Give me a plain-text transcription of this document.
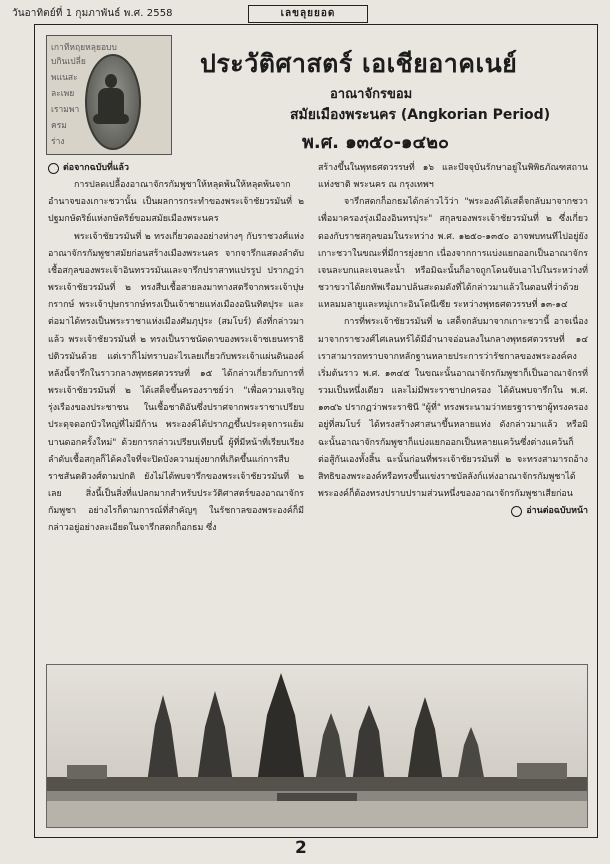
วันอาทิตย์ที่ 1 กุมภาพันธ์ พ.ศ. 2558	เลขลุยยอด
เกาทีหฤยหลุยอบบ
บกินเปลี่ย
พแนสะ
ละเพย
เรามพา
ครม
ร่าง
ประวัติศาสตร์ เอเชียอาคเนย์
อาณาจักรขอม
สมัยเมืองพระนคร (Angkorian Period)
พ.ศ. ๑๓๕๐-๑๔๒๐
ต่อจากฉบับที่แล้ว

การปลดเปลื้องอาณาจักรกัมพูชาให้หลุดพ้นให้หลุดพ้นจากอำนาจของเกาะชวานั้น เป็นผลการกระทำของพระเจ้าชัยวรมันที่ ๒ ปฐมกษัตริย์แห่งกษัตริย์ขอมสมัยเมืองพระนคร

พระเจ้าชัยวรมันที่ ๒ ทรงเกี่ยวดองอย่างห่างๆ กับราชวงศ์แห่งอาณาจักรกัมพูชาสมัยก่อนสร้างเมืองพระนคร จากจารึกแสดงลำดับเชื้อสกุลของพระเจ้าอินทรวรมันและจารึกปราสาทแปรรูป ปรากฏว่าพระเจ้าชัยวรมันที่ ๒ ทรงสืบเชื้อสายลงมาทางสตรีจากพระเจ้าปุษกรากษ์ พระเจ้าปุษกรากษ์ทรงเป็นเจ้าชายแห่งเมืองอนินทิตปุระ และต่อมาได้ทรงเป็นพระราชาแห่งเมืองศัมภุปุระ (สมโบร์) ดังที่กล่าวมาแล้ว พระเจ้าชัยวรมันที่ ๒ ทรงเป็นราชนัดดาของพระเจ้าชเยนทราธิปติวรมันด้วย แต่เราก็ไม่ทราบอะไรเลยเกี่ยวกับพระเจ้าแผ่นดินองค์หลังนี้จารึกในราวกลางพุทธศตวรรษที่ ๑๕ ได้กล่าวเกี่ยวกับการที่พระเจ้าชัยวรมันที่ ๒ ได้เสด็จขึ้นครองราชย์ว่า "เพื่อความเจริญรุ่งเรืองของประชาชน ในเชื้อชาติอันซึ่งปราศจากพระราชาเปรียบประดุจดอกบัวใหญ่ที่ไม่มีก้าน พระองค์ได้ปรากฏขึ้นประดุจการแย้มบานดอกครั้งใหม่" ด้วยการกล่าวเปรียบเทียบนี้ ผู้ที่มีหน้าที่เรียบเรียงลำดับเชื้อสกุลก็ได้คงใจที่จะปิดบังความยุ่งยากที่เกิดขึ้นแก่การสืบราชสันตติวงศ์ตามปกติ ยังไม่ได้พบจารึกของพระเจ้าชัยวรมันที่ ๒ เลย สิ่งนี้เป็นสิ่งที่แปลกมากสำหรับประวัติศาสตร์ของอาณาจักรกัมพูชา อย่างไรก็ตามการณ์ที่สำคัญๆ ในรัชกาลของพระองค์ก็มีกล่าวอยู่อย่างละเอียดในจารึกสดกก็อกธม ซึ่ง

สร้างขึ้นในพุทธศตวรรษที่ ๑๖ และปัจจุบันรักษาอยู่ในพิพิธภัณฑสถานแห่งชาติ พระนคร ณ กรุงเทพฯ

จารึกสดกก็อกธมได้กล่าวไว้ว่า "พระองค์ได้เสด็จกลับมาจากชวาเพื่อมาครองรุ่งเมืองอินทรปุระ" สกุลของพระเจ้าชัยวรมันที่ ๒ ซึ่งเกี่ยวดองกับราชสกุลขอมในระหว่าง พ.ศ. ๑๒๕๐-๑๓๕๐ อาจพบทนทีไปอยู่ยังเกาะชวาในขณะที่มีการยุ่งยาก เนื่องจากการแบ่งแยกออกเป็นอาณาจักรเจนละบกและเจนละน้ำ หรือมิฉะนั้นก็อาจถูกโดนจับเอาไปในระหว่างที่ชวาขวาได้ยกทัพเรือมาปล้นสะดมดังที่ได้กล่าวมาแล้วในตอนที่ว่าด้วยแหลมมลายูและหมู่เกาะอินโดนีเซีย ระหว่างพุทธศตวรรษที่ ๑๓-๑๔

การที่พระเจ้าชัยวรมันที่ ๒ เสด็จกลับมาจากเกาะชวานี้ อาจเนื่องมาจากราชวงศ์ไศเลนทร์ได้มีอำนาจอ่อนลงในกลางพุทธศตวรรษที่ ๑๔ เราสามารถทราบจากหลักฐานหลายประการว่ารัชกาลของพระองค์คงเริ่มต้นราว พ.ศ. ๑๓๔๕ ในขณะนั้นอาณาจักรกัมพูชาก็เป็นอาณาจักรที่รวมเป็นหนึ่งเดียว และไม่มีพระราชาปกครอง ได้ดันพบจารึกใน พ.ศ. ๑๓๔๖ ปรากฏว่าพระราชินี "ผู้ที่" ทรงพระนามว่าทยรฐาราชาผู้ทรงครองอยู่ที่สมโบร์ ได้ทรงสร้างศาสนาขึ้นหลายแห่ง ดังกล่าวมาแล้ว หรือมิฉะนั้นอาณาจักรกัมพูชาก็แบ่งแยกออกเป็นหลายแคว้นซึ่งต่างแคว้นก็ต่อสู้กันเองทั้งสิ้น ฉะนั้นก่อนที่พระเจ้าชัยวรมันที่ ๒ จะทรงสามารถอ้างสิทธิของพระองค์หรือทรงขึ้นแข่งราชบัลลังก์แห่งอาณาจักรกัมพูชาได้ พระองค์ก็ต้องทรงปราบปรามส่วนหนึ่งของอาณาจักรกัมพูชาเสียก่อน

อ่านต่อฉบับหน้า
2
